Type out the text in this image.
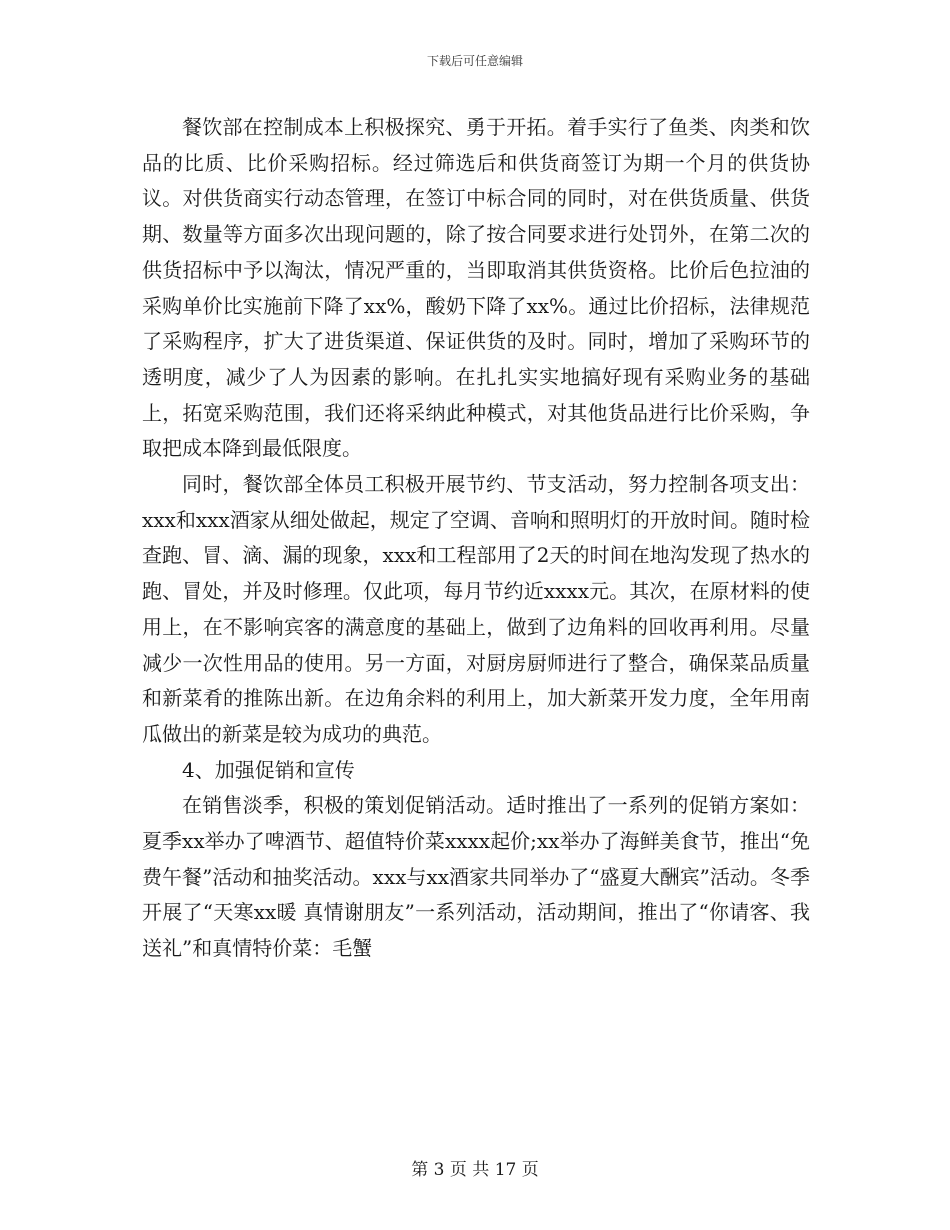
下载后可任意编辑

餐饮部在控制成本上积极探究、勇于开拓。着手实行了鱼类、肉类和饮品的比质、比价采购招标。经过筛选后和供货商签订为期一个月的供货协议。对供货商实行动态管理，在签订中标合同的同时，对在供货质量、供货期、数量等方面多次出现问题的，除了按合同要求进行处罚外，在第二次的供货招标中予以淘汰，情况严重的，当即取消其供货资格。比价后色拉油的采购单价比实施前下降了xx%，酸奶下降了xx%。通过比价招标，法律规范了采购程序，扩大了进货渠道、保证供货的及时。同时，增加了采购环节的透明度，减少了人为因素的影响。在扎扎实实地搞好现有采购业务的基础上，拓宽采购范围，我们还将采纳此种模式，对其他货品进行比价采购，争取把成本降到最低限度。

同时，餐饮部全体员工积极开展节约、节支活动，努力控制各项支出：xxx和xxx酒家从细处做起，规定了空调、音响和照明灯的开放时间。随时检查跑、冒、滴、漏的现象，xxx和工程部用了2天的时间在地沟发现了热水的跑、冒处，并及时修理。仅此项，每月节约近xxxx元。其次，在原材料的使用上，在不影响宾客的满意度的基础上，做到了边角料的回收再利用。尽量减少一次性用品的使用。另一方面，对厨房厨师进行了整合，确保菜品质量和新菜肴的推陈出新。在边角余料的利用上，加大新菜开发力度，全年用南瓜做出的新菜是较为成功的典范。

4、加强促销和宣传

在销售淡季，积极的策划促销活动。适时推出了一系列的促销方案如：夏季xx举办了啤酒节、超值特价菜xxxx起价;xx举办了海鲜美食节，推出“免费午餐”活动和抽奖活动。xxx与xx酒家共同举办了“盛夏大酬宾”活动。冬季开展了“天寒xx暖 真情谢朋友”一系列活动，活动期间，推出了“你请客、我送礼”和真情特价菜：毛蟹

第 3 页 共 17 页
